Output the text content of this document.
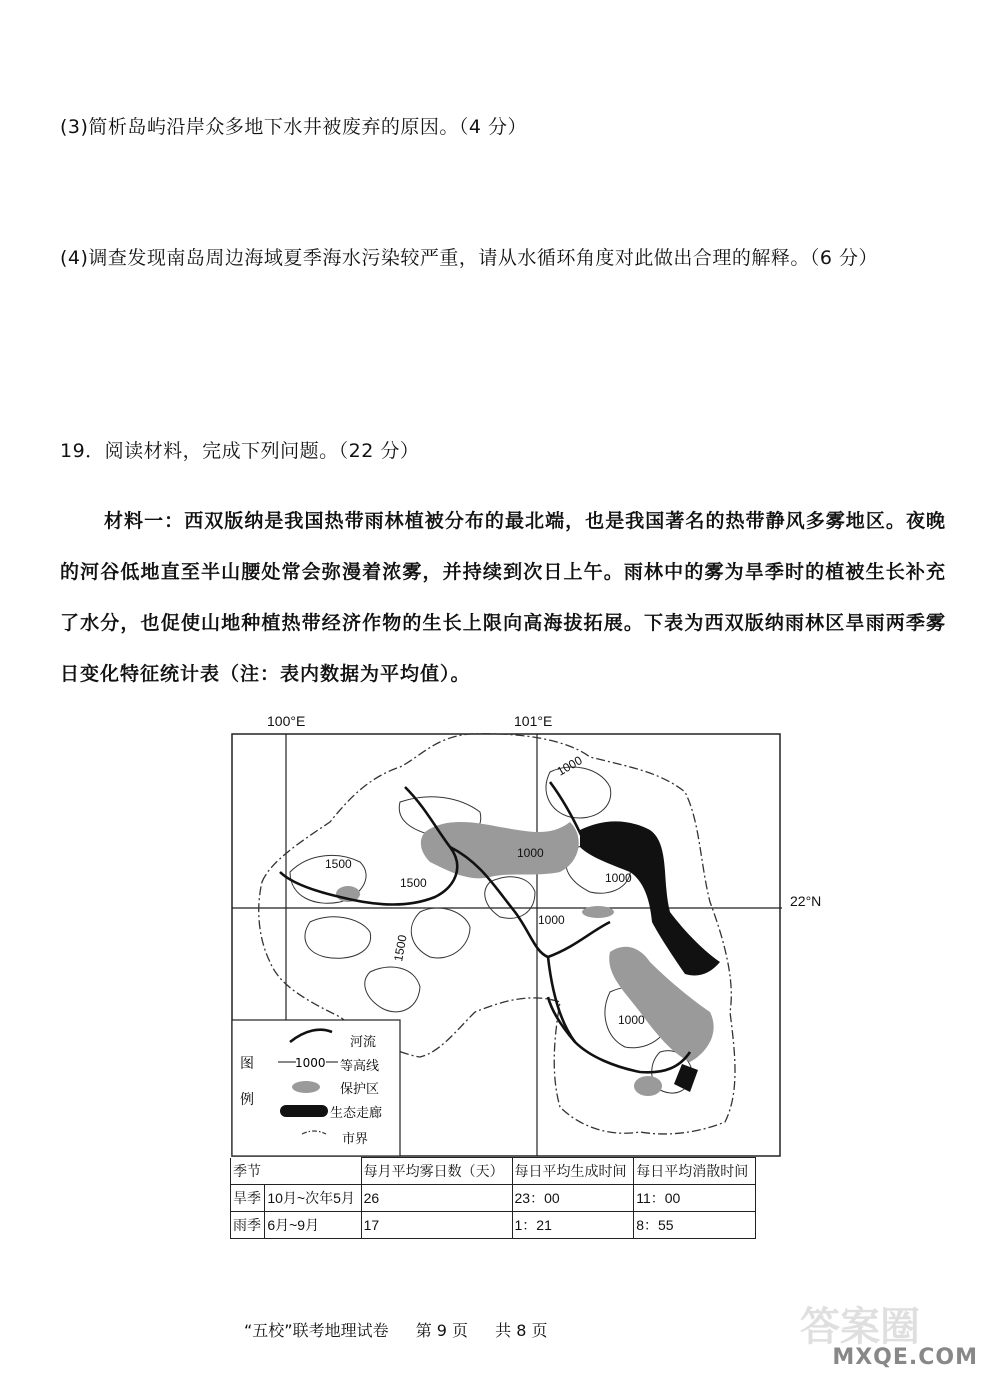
(3)简析岛屿沿岸众多地下水井被废弃的原因。（4 分）
(4)调查发现南岛周边海域夏季海水污染较严重，请从水循环角度对此做出合理的解释。（6 分）
19．阅读材料，完成下列问题。（22 分）
材料一：西双版纳是我国热带雨林植被分布的最北端，也是我国著名的热带静风多雾地区。夜晚的河谷低地直至半山腰处常会弥漫着浓雾，并持续到次日上午。雨林中的雾为旱季时的植被生长补充了水分，也促使山地种植热带经济作物的生长上限向高海拔拓展。下表为西双版纳雨林区旱雨两季雾日变化特征统计表（注：表内数据为平均值）。
100°E	101°E
22°N
1000
1000
1000
1000
1000
1500
1500
1500
图
例
河流
1000 等高线
保护区
生态走廊
市界
季节		每月平均雾日数（天）	每日平均生成时间	每日平均消散时间
旱季	10月~次年5月	26	23：00	11：00
雨季	6月~9月	17	1：21	8：55
“五校”联考地理试卷 第 9 页 共 8 页	答案圈
MXQE.COM
